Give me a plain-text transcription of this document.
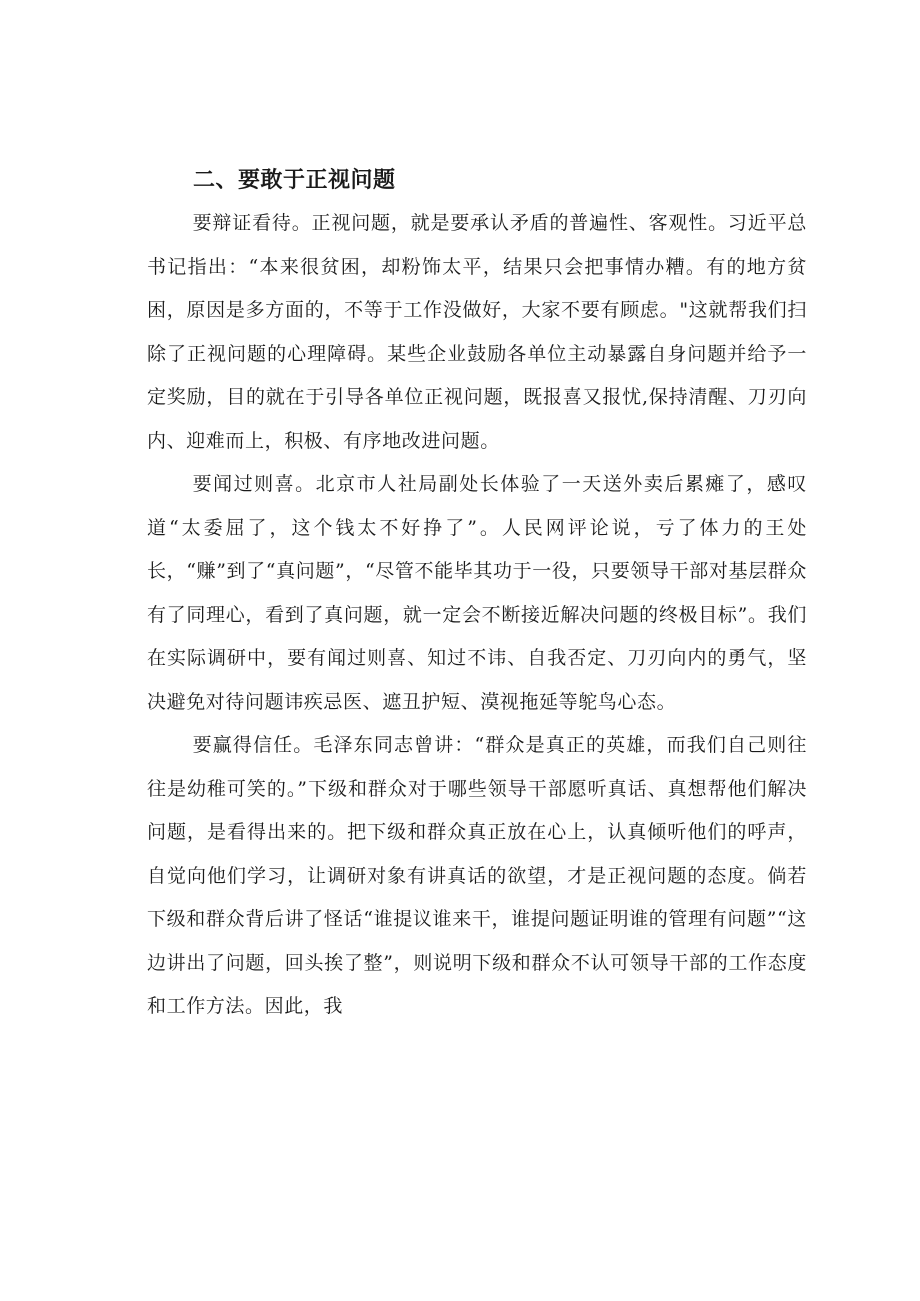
二、要敢于正视问题

要辩证看待。正视问题，就是要承认矛盾的普遍性、客观性。习近平总书记指出：“本来很贫困，却粉饰太平，结果只会把事情办糟。有的地方贫困，原因是多方面的，不等于工作没做好，大家不要有顾虑。"这就帮我们扫除了正视问题的心理障碍。某些企业鼓励各单位主动暴露自身问题并给予一定奖励，目的就在于引导各单位正视问题，既报喜又报忧,保持清醒、刀刃向内、迎难而上，积极、有序地改进问题。

要闻过则喜。北京市人社局副处长体验了一天送外卖后累瘫了，感叹道“太委屈了，这个钱太不好挣了”。人民网评论说，亏了体力的王处长，“赚”到了“真问题”，“尽管不能毕其功于一役，只要领导干部对基层群众有了同理心，看到了真问题，就一定会不断接近解决问题的终极目标”。我们在实际调研中，要有闻过则喜、知过不讳、自我否定、刀刃向内的勇气，坚决避免对待问题讳疾忌医、遮丑护短、漠视拖延等鸵鸟心态。

要赢得信任。毛泽东同志曾讲：“群众是真正的英雄，而我们自己则往往是幼稚可笑的。”下级和群众对于哪些领导干部愿听真话、真想帮他们解决问题，是看得出来的。把下级和群众真正放在心上，认真倾听他们的呼声，自觉向他们学习，让调研对象有讲真话的欲望，才是正视问题的态度。倘若下级和群众背后讲了怪话“谁提议谁来干，谁提问题证明谁的管理有问题”“这边讲出了问题，回头挨了整”，则说明下级和群众不认可领导干部的工作态度和工作方法。因此，我
